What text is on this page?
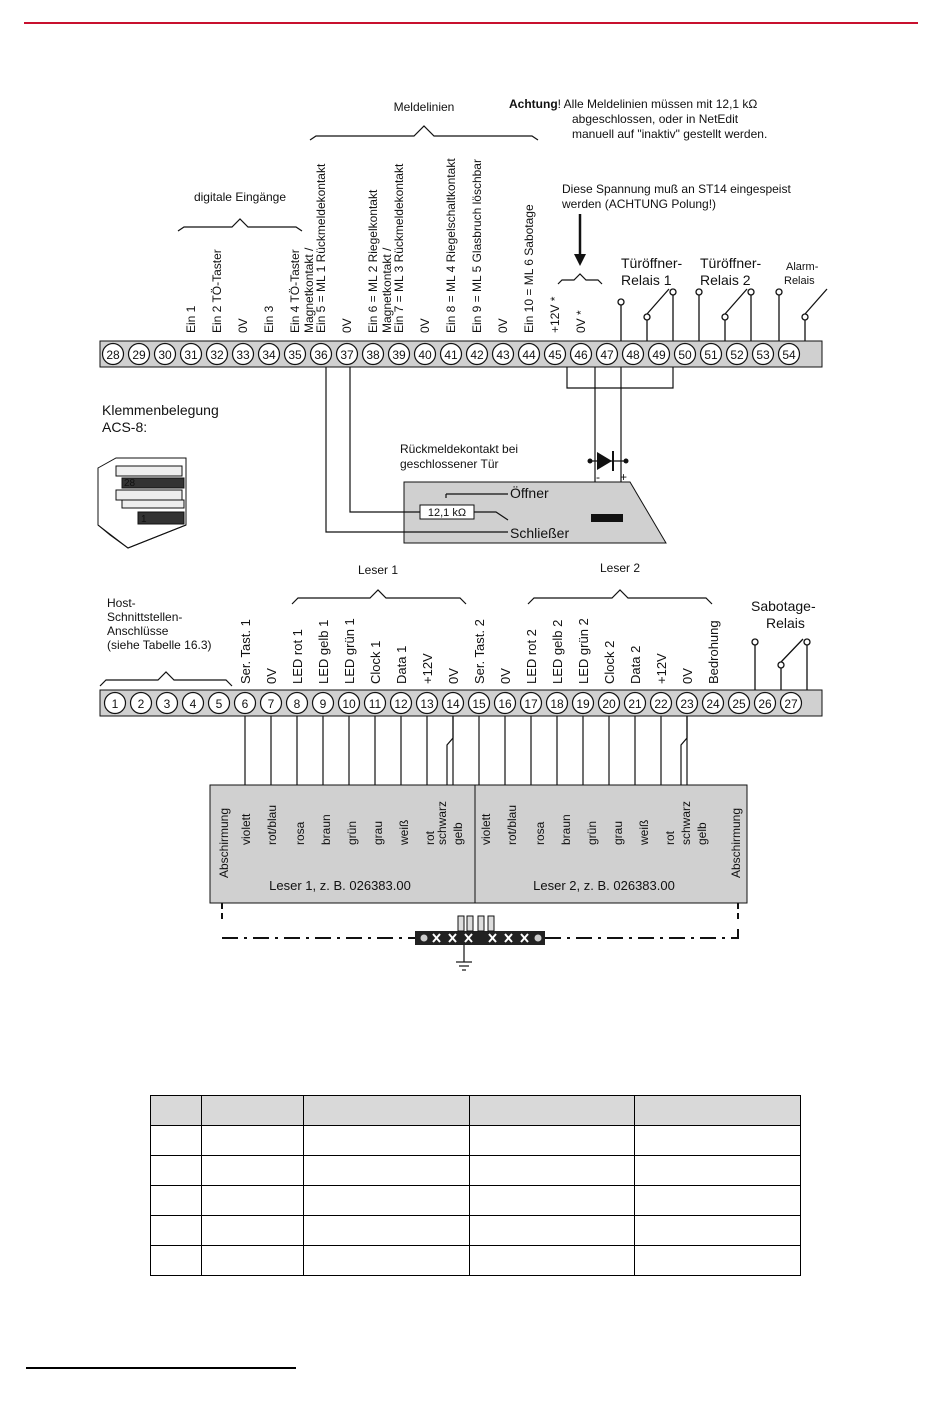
Meldelinien	Achtung! Alle Meldelinien müssen mit 12,1 kΩ
abgeschlossen, oder in NetEdit
manuell auf "inaktiv" gestellt werden.
Diese Spannung muß an ST14 eingespeist
werden (ACHTUNG Polung!)
digitale Eingänge
Türöffner-
Relais 1
Türöffner-
Relais 2
Alarm-
Relais
28 29 30 31 32 33 34 35 36 37 38 39 40 41 42 43 44 45 46 47 48 49 50 51 52 53 54
Ein 1 Ein 2 TÖ-Taster 0V Ein 3 Ein 4 TÖ-Taster Ein 5 = ML 1 Rückmeldekontakt
Magnetkontakt / 0V Ein 6 = ML 2 Riegelkontakt Ein 7 = ML 3 Rückmeldekontakt
Magnetkontakt / 0V Ein 8 = ML 4 Riegelschaltkontakt Ein 9 = ML 5 Glasbruch löschbar 0V Ein 10 = ML 6 Sabotage +12V * 0V *
Klemmenbelegung
ACS-8:
28
1
Rückmeldekontakt bei
geschlossener Tür
- +
12,1 kΩ
Öffner
Schließer
Leser 1	Leser 2
Host-
Schnittstellen-
Anschlüsse
(siehe Tabelle 16.3)
Sabotage-
Relais
1 2 3 4 5 6 7 8 9 10 11 12 13 14 15 16 17 18 19 20 21 22 23 24 25 26 27
Ser. Tast. 1 0V LED rot 1 LED gelb 1 LED grün 1 Clock 1 Data 1 +12V 0V Ser. Tast. 2 0V LED rot 2 LED gelb 2 LED grün 2 Clock 2 Data 2 +12V 0V Bedrohung
Abschirmung violett rot/blau rosa braun grün grau weiß rot
schwarz gelb violett rot/blau rosa braun grün grau weiß rot schwarz gelb Abschirmung
Leser 1, z. B. 026383.00	Leser 2, z. B. 026383.00
